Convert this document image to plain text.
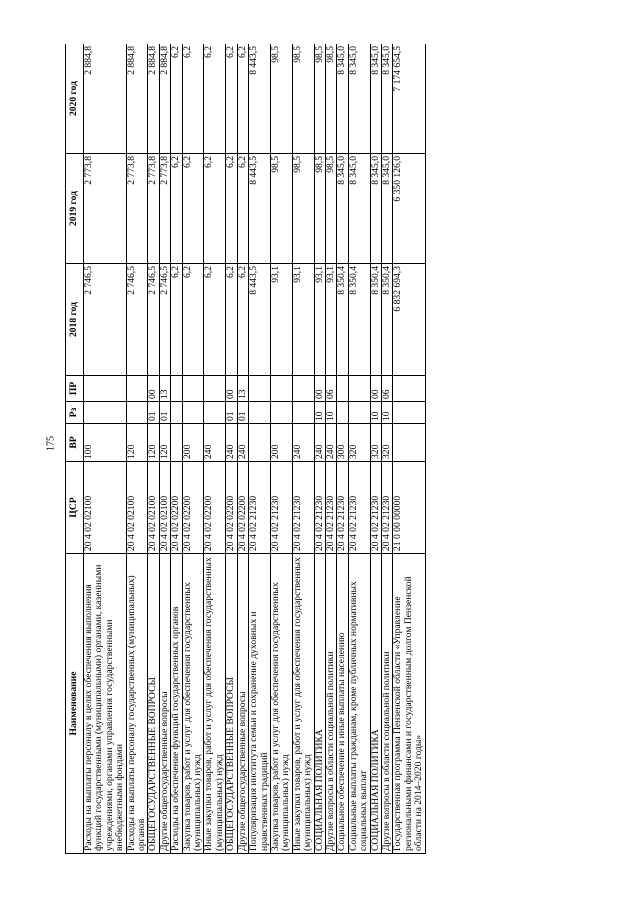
175
Наименование	ЦСР	ВР	Рз	ПР	2018 год	2019 год	2020 год
Расходы на выплаты персоналу в целях обеспечения выполнения функций государственными (муниципальными) органами, казенными учреждениями, органами управления государственными внебюджетными фондами	20 4 02 02100	100			2 746,5	2 773,8	2 884,8
Расходы на выплаты персоналу государственных (муниципальных) органов	20 4 02 02100	120			2 746,5	2 773,8	2 884,8
ОБЩЕГОСУДАРСТВЕННЫЕ ВОПРОСЫ	20 4 02 02100	120	01	00	2 746,5	2 773,8	2 884,8
Другие общегосударственные вопросы	20 4 02 02100	120	01	13	2 746,5	2 773,8	2 884,8
Расходы на обеспечение функций государственных органов	20 4 02 02200				6,2	6,2	6,2
Закупка товаров, работ и услуг для обеспечения государственных (муниципальных) нужд	20 4 02 02200	200			6,2	6,2	6,2
Иные закупки товаров, работ и услуг для обеспечения государственных (муниципальных) нужд	20 4 02 02200	240			6,2	6,2	6,2
ОБЩЕГОСУДАРСТВЕННЫЕ ВОПРОСЫ	20 4 02 02200	240	01	00	6,2	6,2	6,2
Другие общегосударственные вопросы	20 4 02 02200	240	01	13	6,2	6,2	6,2
Популяризация института семьи и сохранение духовных и нравственных традиций	20 4 02 21230				8 443,5	8 443,5	8 443,5
Закупка товаров, работ и услуг для обеспечения государственных (муниципальных) нужд	20 4 02 21230	200			93,1	98,5	98,5
Иные закупки товаров, работ и услуг для обеспечения государственных (муниципальных) нужд	20 4 02 21230	240			93,1	98,5	98,5
СОЦИАЛЬНАЯ ПОЛИТИКА	20 4 02 21230	240	10	00	93,1	98,5	98,5
Другие вопросы в области социальной политики	20 4 02 21230	240	10	06	93,1	98,5	98,5
Социальное обеспечение и иные выплаты населению	20 4 02 21230	300			8 350,4	8 345,0	8 345,0
Социальные выплаты гражданам, кроме публичных нормативных социальных выплат	20 4 02 21230	320			8 350,4	8 345,0	8 345,0
СОЦИАЛЬНАЯ ПОЛИТИКА	20 4 02 21230	320	10	00	8 350,4	8 345,0	8 345,0
Другие вопросы в области социальной политики	20 4 02 21230	320	10	06	8 350,4	8 345,0	8 345,0
Государственная программа Пензенской области «Управление региональными финансами и государственным долгом Пензенской области на 2014–2020 годы»	21 0 00 00000				6 832 694,3	6 350 126,0	7 174 654,5
